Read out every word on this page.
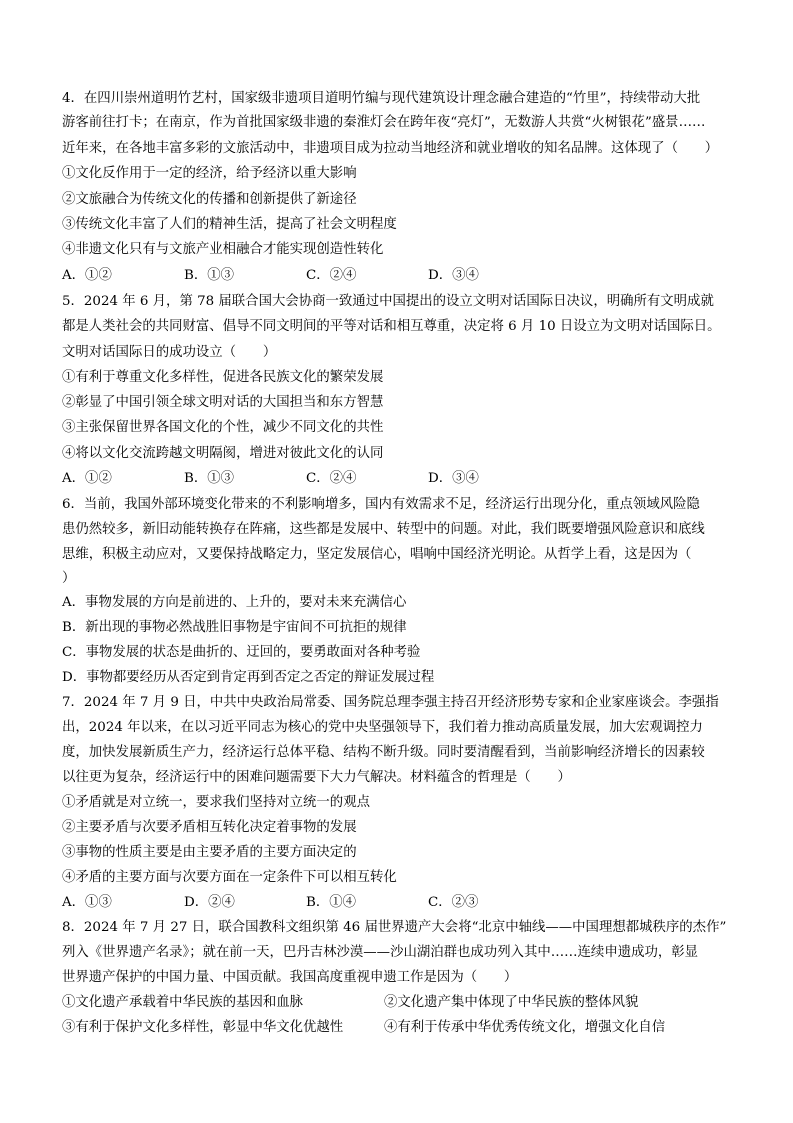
4．在四川崇州道明竹艺村，国家级非遗项目道明竹编与现代建筑设计理念融合建造的“竹里”，持续带动大批
游客前往打卡；在南京，作为首批国家级非遗的秦淮灯会在跨年夜“亮灯”，无数游人共赏“火树银花”盛景……
近年来，在各地丰富多彩的文旅活动中，非遗项目成为拉动当地经济和就业增收的知名品牌。这体现了（　　）
①文化反作用于一定的经济，给予经济以重大影响
②文旅融合为传统文化的传播和创新提供了新途径
③传统文化丰富了人们的精神生活，提高了社会文明程度
④非遗文化只有与文旅产业相融合才能实现创造性转化
A．①②	B．①③	C．②④	D．③④
5．2024 年 6 月，第 78 届联合国大会协商一致通过中国提出的设立文明对话国际日决议，明确所有文明成就
都是人类社会的共同财富、倡导不同文明间的平等对话和相互尊重，决定将 6 月 10 日设立为文明对话国际日。
文明对话国际日的成功设立（　　）
①有利于尊重文化多样性，促进各民族文化的繁荣发展
②彰显了中国引领全球文明对话的大国担当和东方智慧
③主张保留世界各国文化的个性，减少不同文化的共性
④将以文化交流跨越文明隔阂，增进对彼此文化的认同
A．①②	B．①③	C．②④	D．③④
6．当前，我国外部环境变化带来的不利影响增多，国内有效需求不足，经济运行出现分化，重点领域风险隐
患仍然较多，新旧动能转换存在阵痛，这些都是发展中、转型中的问题。对此，我们既要增强风险意识和底线
思维，积极主动应对，又要保持战略定力，坚定发展信心，唱响中国经济光明论。从哲学上看，这是因为（
）
A．事物发展的方向是前进的、上升的，要对未来充满信心
B．新出现的事物必然战胜旧事物是宇宙间不可抗拒的规律
C．事物发展的状态是曲折的、迂回的，要勇敢面对各种考验
D．事物都要经历从否定到肯定再到否定之否定的辩证发展过程
7．2024 年 7 月 9 日，中共中央政治局常委、国务院总理李强主持召开经济形势专家和企业家座谈会。李强指
出，2024 年以来，在以习近平同志为核心的党中央坚强领导下，我们着力推动高质量发展，加大宏观调控力
度，加快发展新质生产力，经济运行总体平稳、结构不断升级。同时要清醒看到，当前影响经济增长的因素较
以往更为复杂，经济运行中的困难问题需要下大力气解决。材料蕴含的哲理是（　　）
①矛盾就是对立统一，要求我们坚持对立统一的观点
②主要矛盾与次要矛盾相互转化决定着事物的发展
③事物的性质主要是由主要矛盾的主要方面决定的
④矛盾的主要方面与次要方面在一定条件下可以相互转化
A．①③	D．②④	B．①④	C．②③
8．2024 年 7 月 27 日，联合国教科文组织第 46 届世界遗产大会将“北京中轴线——中国理想都城秩序的杰作”
列入《世界遗产名录》；就在前一天，巴丹吉林沙漠——沙山湖泊群也成功列入其中……连续申遗成功，彰显
世界遗产保护的中国力量、中国贡献。我国高度重视申遗工作是因为（　　）
①文化遗产承载着中华民族的基因和血脉	②文化遗产集中体现了中华民族的整体风貌
③有利于保护文化多样性，彰显中华文化优越性	④有利于传承中华优秀传统文化，增强文化自信
